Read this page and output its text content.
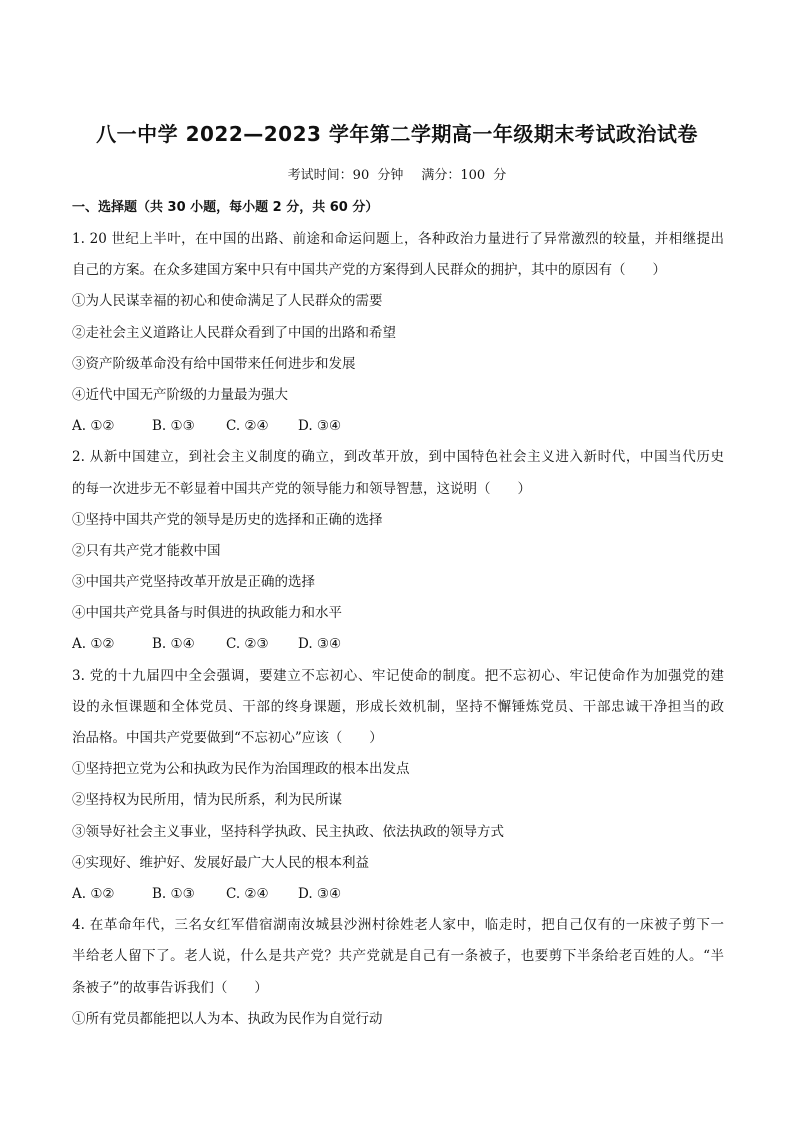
八一中学 2022—2023 学年第二学期高一年级期末考试政治试卷
考试时间：90 分钟 满分：100 分
一、选择题（共 30 小题，每小题 2 分，共 60 分）
1. 20 世纪上半叶，在中国的出路、前途和命运问题上，各种政治力量进行了异常激烈的较量，并相继提出
自己的方案。在众多建国方案中只有中国共产党的方案得到人民群众的拥护，其中的原因有（　　）
①为人民谋幸福的初心和使命满足了人民群众的需要
②走社会主义道路让人民群众看到了中国的出路和希望
③资产阶级革命没有给中国带来任何进步和发展
④近代中国无产阶级的力量最为强大
A. ①②	B. ①③ C. ②④ D. ③④
2. 从新中国建立，到社会主义制度的确立，到改革开放，到中国特色社会主义进入新时代，中国当代历史
的每一次进步无不彰显着中国共产党的领导能力和领导智慧，这说明（　　）
①坚持中国共产党的领导是历史的选择和正确的选择
②只有共产党才能救中国
③中国共产党坚持改革开放是正确的选择
④中国共产党具备与时俱进的执政能力和水平
A. ①②	B. ①④ C. ②③ D. ③④
3. 党的十九届四中全会强调，要建立不忘初心、牢记使命的制度。把不忘初心、牢记使命作为加强党的建
设的永恒课题和全体党员、干部的终身课题，形成长效机制，坚持不懈锤炼党员、干部忠诚干净担当的政
治品格。中国共产党要做到“不忘初心”应该（　　）
①坚持把立党为公和执政为民作为治国理政的根本出发点
②坚持权为民所用，情为民所系，利为民所谋
③领导好社会主义事业，坚持科学执政、民主执政、依法执政的领导方式
④实现好、维护好、发展好最广大人民的根本利益
A. ①②	B. ①③ C. ②④ D. ③④
4. 在革命年代，三名女红军借宿湖南汝城县沙洲村徐姓老人家中，临走时，把自己仅有的一床被子剪下一
半给老人留下了。老人说，什么是共产党？共产党就是自己有一条被子，也要剪下半条给老百姓的人。“半
条被子”的故事告诉我们（　　）
①所有党员都能把以人为本、执政为民作为自觉行动
